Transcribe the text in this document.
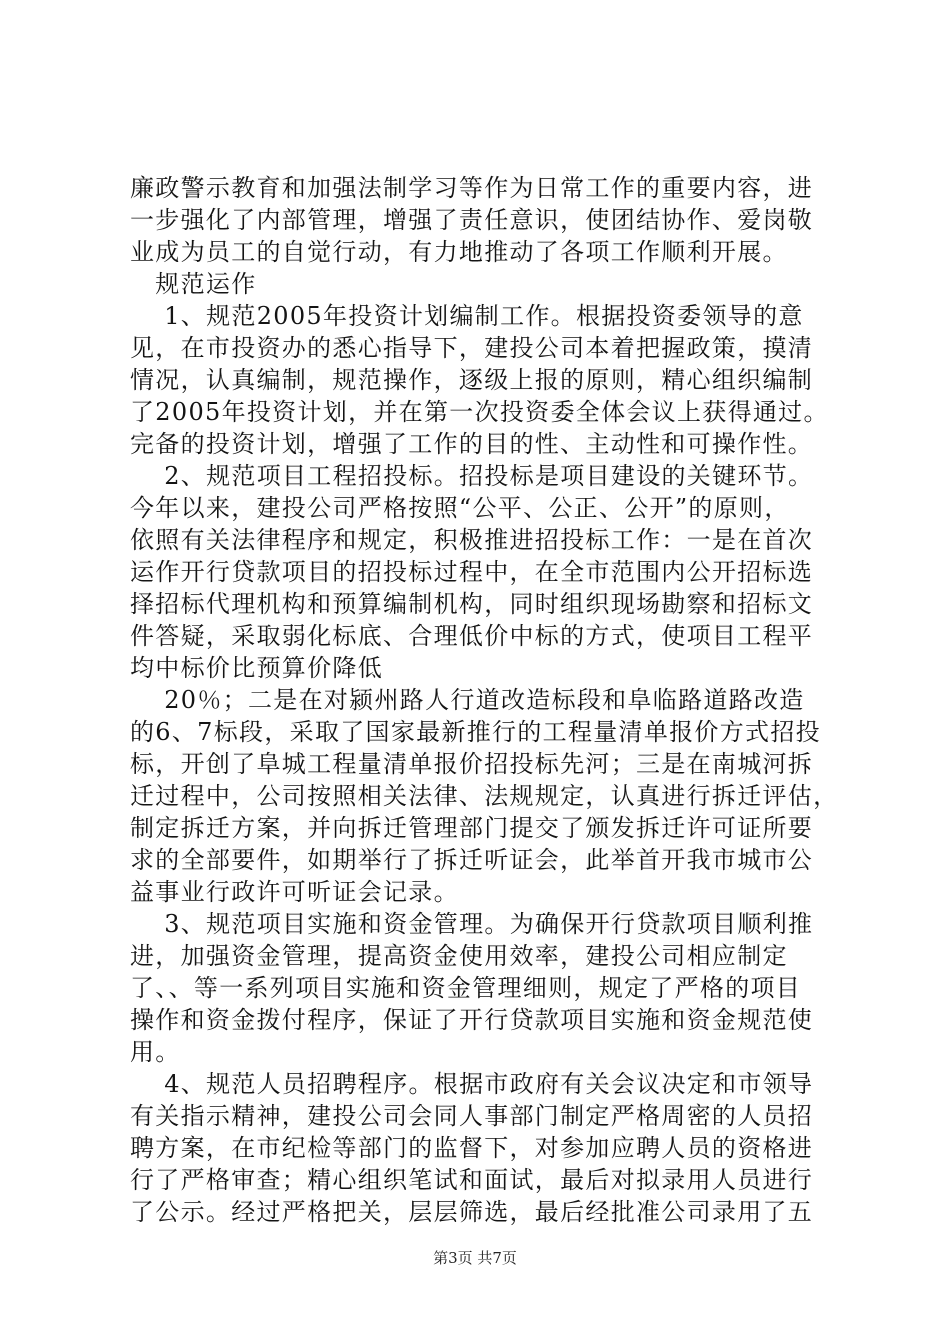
廉政警示教育和加强法制学习等作为日常工作的重要内容，进
一步强化了内部管理，增强了责任意识，使团结协作、爱岗敬
业成为员工的自觉行动，有力地推动了各项工作顺利开展。
　规范运作
　 1、规范2005年投资计划编制工作。根据投资委领导的意
见，在市投资办的悉心指导下，建投公司本着把握政策，摸清
情况，认真编制，规范操作，逐级上报的原则，精心组织编制
了2005年投资计划，并在第一次投资委全体会议上获得通过。
完备的投资计划，增强了工作的目的性、主动性和可操作性。
　 2、规范项目工程招投标。招投标是项目建设的关键环节。
今年以来，建投公司严格按照“公平、公正、公开”的原则，
依照有关法律程序和规定，积极推进招投标工作：一是在首次
运作开行贷款项目的招投标过程中，在全市范围内公开招标选
择招标代理机构和预算编制机构，同时组织现场勘察和招标文
件答疑，采取弱化标底、合理低价中标的方式，使项目工程平
均中标价比预算价降低
　 20％；二是在对颍州路人行道改造标段和阜临路道路改造
的6、7标段，采取了国家最新推行的工程量清单报价方式招投
标，开创了阜城工程量清单报价招投标先河；三是在南城河拆
迁过程中，公司按照相关法律、法规规定，认真进行拆迁评估，
制定拆迁方案，并向拆迁管理部门提交了颁发拆迁许可证所要
求的全部要件，如期举行了拆迁听证会，此举首开我市城市公
益事业行政许可听证会记录。
　 3、规范项目实施和资金管理。为确保开行贷款项目顺利推
进，加强资金管理，提高资金使用效率，建投公司相应制定
了、、等一系列项目实施和资金管理细则，规定了严格的项目
操作和资金拨付程序，保证了开行贷款项目实施和资金规范使
用。
　 4、规范人员招聘程序。根据市政府有关会议决定和市领导
有关指示精神，建投公司会同人事部门制定严格周密的人员招
聘方案，在市纪检等部门的监督下，对参加应聘人员的资格进
行了严格审查；精心组织笔试和面试，最后对拟录用人员进行
了公示。经过严格把关，层层筛选，最后经批准公司录用了五
第3页 共7页
